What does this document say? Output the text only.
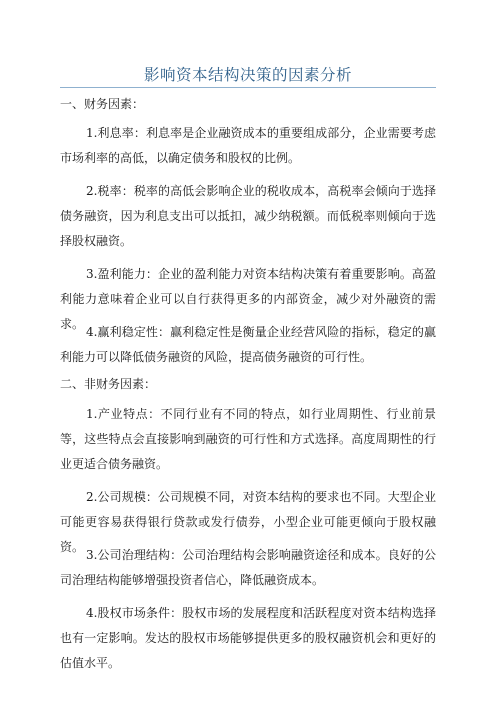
影响资本结构决策的因素分析
一、财务因素：

1.利息率：利息率是企业融资成本的重要组成部分，企业需要考虑市场利率的高低，以确定债务和股权的比例。

2.税率：税率的高低会影响企业的税收成本，高税率会倾向于选择债务融资，因为利息支出可以抵扣，减少纳税额。而低税率则倾向于选择股权融资。

3.盈利能力：企业的盈利能力对资本结构决策有着重要影响。高盈利能力意味着企业可以自行获得更多的内部资金，减少对外融资的需求。

4.赢利稳定性：赢利稳定性是衡量企业经营风险的指标，稳定的赢利能力可以降低债务融资的风险，提高债务融资的可行性。

二、非财务因素：

1.产业特点：不同行业有不同的特点，如行业周期性、行业前景等，这些特点会直接影响到融资的可行性和方式选择。高度周期性的行业更适合债务融资。

2.公司规模：公司规模不同，对资本结构的要求也不同。大型企业可能更容易获得银行贷款或发行债券，小型企业可能更倾向于股权融资。

3.公司治理结构：公司治理结构会影响融资途径和成本。良好的公司治理结构能够增强投资者信心，降低融资成本。

4.股权市场条件：股权市场的发展程度和活跃程度对资本结构选择也有一定影响。发达的股权市场能够提供更多的股权融资机会和更好的估值水平。
